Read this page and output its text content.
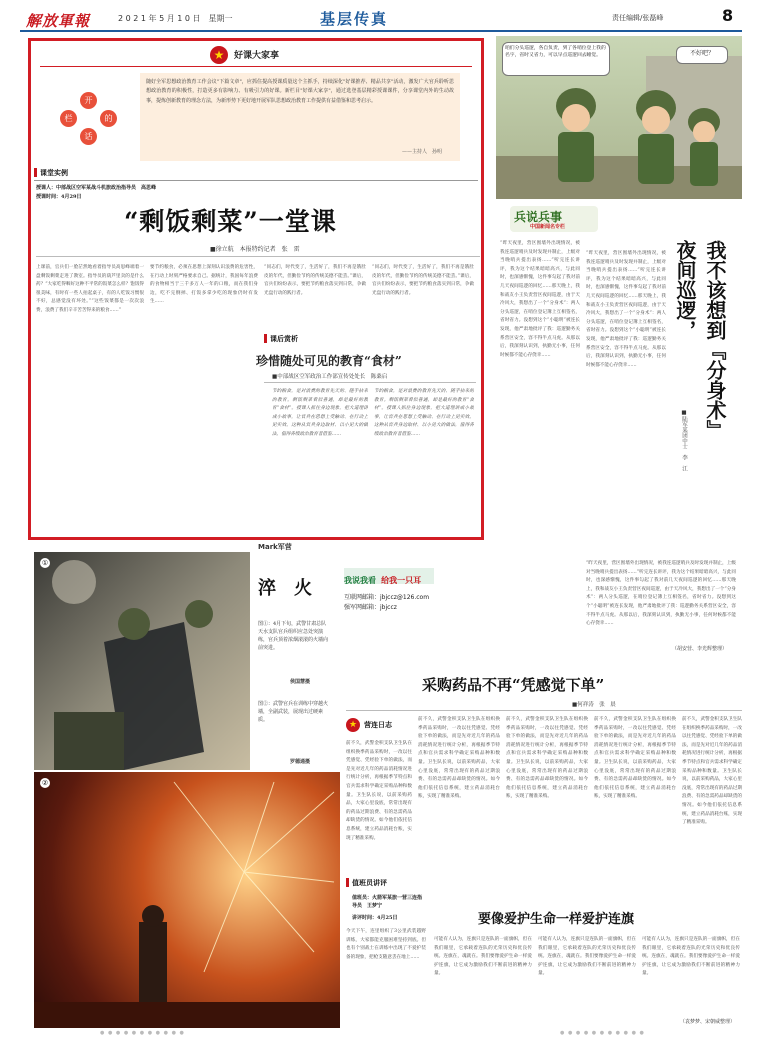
解放軍報	2 0 2 1 年 5 月 1 0 日　星期一	基层传真	责任编辑/张磊峰	8
★	好课大家享
开
栏	的
话
随好全军思想政治教育工作会议"下篇文章"，应抓住提高授课质量这个主抓手，持续深化"好课推荐、精品共享"活动，激发广大官兵聆听思想政治教育的积极性，打造更多有影响力、有吸引力的好课。新栏目"好课大家享"，通过选登基层精彩授课课件，分享课堂内外的生动故事，提炼创新教育的理念方法，为新形势下更好地开展军队思想政治教育工作提供有益借鉴和思考启示。
——主持人　孙明
课堂实例
授课人：中部战区空军某战斗机旅政治指导员　高思峰
授课时间：4月29日
“剩饭剩菜”一堂课
■徐立航　本报特约记者　张　雷
上课前，官兵们一脸茫然地看着指导员高思峰端着一盘剩饭剩菜走进了教室。指导员的葫芦里卖的是什么药？“大家吃得咽好这种不平常的饭菜怎么样？饱饭得很美味，有时有一些人拍起桌子，有的人吃饭习惯很不好，总感觉没有坏处。”“这些饭菜都是一次次浪费，浪费了我们辛辛苦苦得来的粮食……”
要节约粮食，必须在思想上深刻认识浪费的危害性，在行动上时刻严格要求自己。据统计，我国每年浪费的食物相当于三千多万人一年的口粮，而在我们身边，吃不完倒掉、打饭多拿少吃的现象仍时有发生……
“同志们，时代变了，生活好了，我们不再是饿肚皮的年代，但勤俭节约的传统美德不能丢。”课后，官兵们纷纷表示，要把节约粮食落实到日常，争做光盘行动的践行者。
“同志们，时代变了，生活好了，我们不再是饿肚皮的年代，但勤俭节约的传统美德不能丢。”课后，官兵们纷纷表示，要把节约粮食落实到日常，争做光盘行动的践行者。
课后赏析
珍惜随处可见的教育“食材”
■中部战区空军政治工作部宣传处处长　陈桑启
节约粮食，是对浪费的教育先天的、随手拈来的教育。剩饭剩菜看似普通，却是最好的教育“食材”。授课人抓住身边现象，把大道理讲成小故事，让官兵在思想上受触动、在行动上见实效。这种从官兵身边取材、以小见大的做法，值得各级政治教育者借鉴……
节约粮食，是对浪费的教育先天的、随手拈来的教育。剩饭剩菜看似普通，却是最好的教育“食材”。授课人抓住身边现象，把大道理讲成小故事，让官兵在思想上受触动、在行动上见实效。这种从官兵身边取材、以小见大的做法，值得各级政治教育者借鉴……
咱们分头巡逻，各自负责，到了各哨位登上我的名字，省时又省力，可以早点巡逻回去睡觉。	不好吧？
兵说兵事
中国新闻名专栏
“昨天夜里，营区围墙外出现情况，被我连巡逻哨兵及时发现并制止，上级对当晚哨兵提出表扬……”听完连长讲评，我为这个结果暗暗高兴，与此同时，也深感惭愧，这件事勾起了我对前几天夜间巡逻的回忆……那天晚上，我和战友小王负责营区夜间巡逻，由于天冷风大，我想出了一个“分身术”：两人分头巡逻，在哨位登记簿上互相签名，省时省力。没想到这个“小聪明”被连长发现，他严肃地批评了我：巡逻勤务关系营区安全，容不得半点马虎。从那以后，我深刻认识到，执勤无小事，任何时候都不能心存侥幸……
“昨天夜里，营区围墙外出现情况，被我连巡逻哨兵及时发现并制止，上级对当晚哨兵提出表扬……”听完连长讲评，我为这个结果暗暗高兴，与此同时，也深感惭愧，这件事勾起了我对前几天夜间巡逻的回忆……那天晚上，我和战友小王负责营区夜间巡逻，由于天冷风大，我想出了一个“分身术”：两人分头巡逻，在哨位登记簿上互相签名，省时省力。没想到这个“小聪明”被连长发现，他严肃地批评了我：巡逻勤务关系营区安全，容不得半点马虎。从那以后，我深刻认识到，执勤无小事，任何时候都不能心存侥幸……
“昨天夜里，营区围墙外出现情况，被我连巡逻哨兵及时发现并制止，上级对当晚哨兵提出表扬……”听完连长讲评，我为这个结果暗暗高兴，与此同时，也深感惭愧，这件事勾起了我对前几天夜间巡逻的回忆……那天晚上，我和战友小王负责营区夜间巡逻，由于天冷风大，我想出了一个“分身术”：两人分头巡逻，在哨位登记簿上互相签名，省时省力。没想到这个“小聪明”被连长发现，他严肃地批评了我：巡逻勤务关系营区安全，容不得半点马虎。从那以后，我深刻认识到，执勤无小事，任何时候都不能心存侥幸……
夜间巡逻， 我不该想到『分身术』
■陆军某团中士　李　江
（胡安营、李光辉整理）
Mark军营
①
淬　火
图①：4月下旬，武警甘肃总队天水支队官兵组织应急处突演练，官兵顶着浓烟滚滚的火墙向前突进。
侯国慧摄
图②：武警官兵在训练中穿越火墙，全副武装，展现出过硬素质。
罗德通摄
②
我说我看 给我一只耳
互联网邮箱：jbjccz@126.com
强军网邮箱：jbjccz
采购药品不再“凭感觉下单”
■何祥涛　张　晨
★ 营连日志
前不久，武警金积支队卫生队在组织换季药品采购时，一改以往凭感觉、凭经验下单的做法，而是先对近几年的药品消耗情况进行统计分析，再根据季节特点和官兵需求科学确定采购品种和数量。卫生队长说，以前采购药品，大家心里没底，常常出现有的药品过期浪费、有的急需药品却缺货的情况。如今他们依托信息系统，建立药品消耗台账，实现了精准采购。
前不久，武警金积支队卫生队在组织换季药品采购时，一改以往凭感觉、凭经验下单的做法，而是先对近几年的药品消耗情况进行统计分析，再根据季节特点和官兵需求科学确定采购品种和数量。卫生队长说，以前采购药品，大家心里没底，常常出现有的药品过期浪费、有的急需药品却缺货的情况。如今他们依托信息系统，建立药品消耗台账，实现了精准采购。
前不久，武警金积支队卫生队在组织换季药品采购时，一改以往凭感觉、凭经验下单的做法，而是先对近几年的药品消耗情况进行统计分析，再根据季节特点和官兵需求科学确定采购品种和数量。卫生队长说，以前采购药品，大家心里没底，常常出现有的药品过期浪费、有的急需药品却缺货的情况。如今他们依托信息系统，建立药品消耗台账，实现了精准采购。
前不久，武警金积支队卫生队在组织换季药品采购时，一改以往凭感觉、凭经验下单的做法，而是先对近几年的药品消耗情况进行统计分析，再根据季节特点和官兵需求科学确定采购品种和数量。卫生队长说，以前采购药品，大家心里没底，常常出现有的药品过期浪费、有的急需药品却缺货的情况。如今他们依托信息系统，建立药品消耗台账，实现了精准采购。
前不久，武警金积支队卫生队在组织换季药品采购时，一改以往凭感觉、凭经验下单的做法，而是先对近几年的药品消耗情况进行统计分析，再根据季节特点和官兵需求科学确定采购品种和数量。卫生队长说，以前采购药品，大家心里没底，常常出现有的药品过期浪费、有的急需药品却缺货的情况。如今他们依托信息系统，建立药品消耗台账，实现了精准采购。
值班员讲评
值班员：火箭军某旅一营三连指导员　王梦宁
讲评时间：4月25日
今天下午，连里组织了3公里武装越野训练，大家都能克服困难坚持到底。但也有个别战士在训练中出现了不爱护装备的现象，把枪支随意丢在地上……
要像爱护生命一样爱护连旗
可能有人认为，连旗只是连队的一面旗帜，但在我们眼里，它承载着连队的光荣历史和优良传统。连旗在，魂就在。我们要像爱护生命一样爱护连旗，让它成为激励我们不断前进的精神力量。
可能有人认为，连旗只是连队的一面旗帜，但在我们眼里，它承载着连队的光荣历史和优良传统。连旗在，魂就在。我们要像爱护生命一样爱护连旗，让它成为激励我们不断前进的精神力量。
可能有人认为，连旗只是连队的一面旗帜，但在我们眼里，它承载着连队的光荣历史和优良传统。连旗在，魂就在。我们要像爱护生命一样爱护连旗，让它成为激励我们不断前进的精神力量。
（袁梦梦、宋朝威整理）
● ● ● ● ● ● ● ● ● ● ●	● ● ● ● ● ● ● ● ● ● ●
